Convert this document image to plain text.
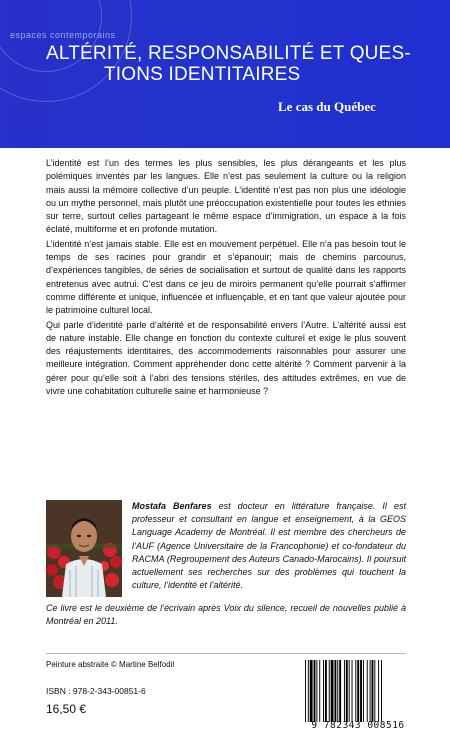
espaces contemporains
ALTÉRITÉ, RESPONSABILITÉ ET QUES-
TIONS IDENTITAIRES
Le cas du Québec

L’identité est l’un des termes les plus sensibles, les plus dérangeants et les plus polémiques inventés par les langues. Elle n’est pas seulement la culture ou la religion mais aussi la mémoire collective d’un peuple. L’identité n’est pas non plus une idéologie ou un mythe personnel, mais plutôt une préoccupation existentielle pour toutes les ethnies sur terre, surtout celles partageant le même espace d’immigration, un espace à la fois éclaté, multiforme et en profonde mutation.

L’identité n’est jamais stable. Elle est en mouvement perpétuel. Elle n’a pas besoin tout le temps de ses racines pour grandir et s’épanouir; mais de chemins parcourus, d’expériences tangibles, de séries de socialisation et surtout de qualité dans les rapports entretenus avec autrui. C’est dans ce jeu de miroirs permanent qu’elle pourrait s’affirmer comme différente et unique, influencée et influençable, et en tant que valeur ajoutée pour le patrimoine culturel local.

Qui parle d’identité parle d’altérité et de responsabilité envers l’Autre. L’altérité aussi est de nature instable. Elle change en fonction du contexte culturel et exige le plus souvent des réajustements identitaires, des accommodements raisonnables pour assurer une meilleure intégration. Comment appréhender donc cette altérité ? Comment parvenir à la gérer pour qu’elle soit à l’abri des tensions stériles, des attitudes extrêmes, en vue de vivre une cohabitation culturelle saine et harmonieuse ?

Mostafa Benfares est docteur en littérature française. Il est professeur et consultant en langue et enseignement, à la GEOS Language Academy de Montréal. Il est membre des chercheurs de l’AUF (Agence Universitaire de la Francophonie) et co-fondateur du RACMA (Regroupement des Auteurs Canado-Marocains). Il poursuit actuellement ses recherches sur des problèmes qui touchent la culture, l’identité et l’altérité.
Ce livre est le deuxième de l’écrivain après Voix du silence, recueil de nouvelles publié à Montréal en 2011.
Peinture abstraite © Martine Belfodil
ISBN : 978-2-343-00851-6
16,50 €
9 782343 008516
